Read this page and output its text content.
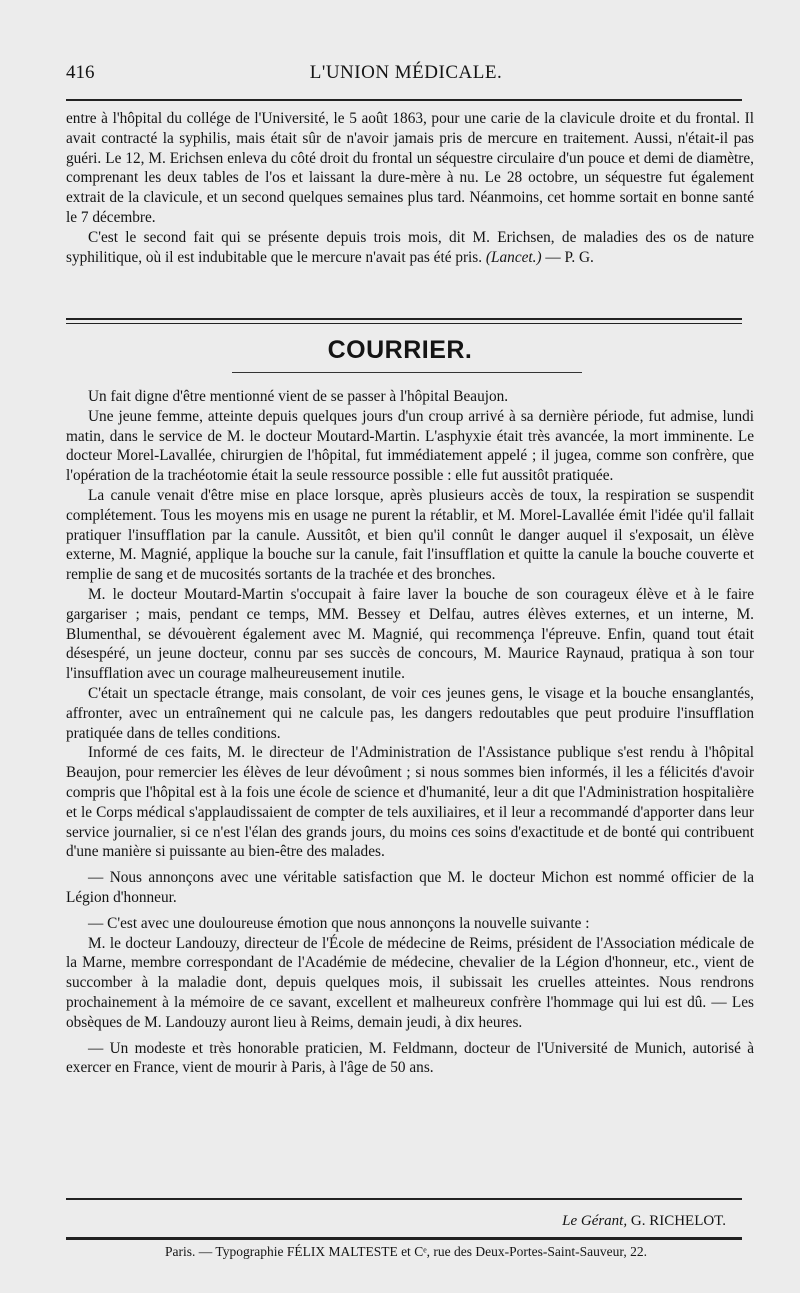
416	L'UNION MÉDICALE.

entre à l'hôpital du collége de l'Université, le 5 août 1863, pour une carie de la clavicule droite et du frontal. Il avait contracté la syphilis, mais était sûr de n'avoir jamais pris de mercure en traitement. Aussi, n'était-il pas guéri. Le 12, M. Erichsen enleva du côté droit du frontal un séquestre circulaire d'un pouce et demi de diamètre, comprenant les deux tables de l'os et laissant la dure-mère à nu. Le 28 octobre, un séquestre fut également extrait de la clavicule, et un second quelques semaines plus tard. Néanmoins, cet homme sortait en bonne santé le 7 décembre.

C'est le second fait qui se présente depuis trois mois, dit M. Erichsen, de maladies des os de nature syphilitique, où il est indubitable que le mercure n'avait pas été pris. (Lancet.) — P. G.

COURRIER.

Un fait digne d'être mentionné vient de se passer à l'hôpital Beaujon.

Une jeune femme, atteinte depuis quelques jours d'un croup arrivé à sa dernière période, fut admise, lundi matin, dans le service de M. le docteur Moutard-Martin. L'asphyxie était très avancée, la mort imminente. Le docteur Morel-Lavallée, chirurgien de l'hôpital, fut immédiatement appelé ; il jugea, comme son confrère, que l'opération de la trachéotomie était la seule ressource possible : elle fut aussitôt pratiquée.

La canule venait d'être mise en place lorsque, après plusieurs accès de toux, la respiration se suspendit complétement. Tous les moyens mis en usage ne purent la rétablir, et M. Morel-Lavallée émit l'idée qu'il fallait pratiquer l'insufflation par la canule. Aussitôt, et bien qu'il connût le danger auquel il s'exposait, un élève externe, M. Magnié, applique la bouche sur la canule, fait l'insufflation et quitte la canule la bouche couverte et remplie de sang et de mucosités sortants de la trachée et des bronches.

M. le docteur Moutard-Martin s'occupait à faire laver la bouche de son courageux élève et à le faire gargariser ; mais, pendant ce temps, MM. Bessey et Delfau, autres élèves externes, et un interne, M. Blumenthal, se dévouèrent également avec M. Magnié, qui recommença l'épreuve. Enfin, quand tout était désespéré, un jeune docteur, connu par ses succès de concours, M. Maurice Raynaud, pratiqua à son tour l'insufflation avec un courage malheureusement inutile.

C'était un spectacle étrange, mais consolant, de voir ces jeunes gens, le visage et la bouche ensanglantés, affronter, avec un entraînement qui ne calcule pas, les dangers redoutables que peut produire l'insufflation pratiquée dans de telles conditions.

Informé de ces faits, M. le directeur de l'Administration de l'Assistance publique s'est rendu à l'hôpital Beaujon, pour remercier les élèves de leur dévoûment ; si nous sommes bien informés, il les a félicités d'avoir compris que l'hôpital est à la fois une école de science et d'humanité, leur a dit que l'Administration hospitalière et le Corps médical s'applaudissaient de compter de tels auxiliaires, et il leur a recommandé d'apporter dans leur service journalier, si ce n'est l'élan des grands jours, du moins ces soins d'exactitude et de bonté qui contribuent d'une manière si puissante au bien-être des malades.

— Nous annonçons avec une véritable satisfaction que M. le docteur Michon est nommé officier de la Légion d'honneur.

— C'est avec une douloureuse émotion que nous annonçons la nouvelle suivante :

M. le docteur Landouzy, directeur de l'École de médecine de Reims, président de l'Association médicale de la Marne, membre correspondant de l'Académie de médecine, chevalier de la Légion d'honneur, etc., vient de succomber à la maladie dont, depuis quelques mois, il subissait les cruelles atteintes. Nous rendrons prochainement à la mémoire de ce savant, excellent et malheureux confrère l'hommage qui lui est dû. — Les obsèques de M. Landouzy auront lieu à Reims, demain jeudi, à dix heures.

— Un modeste et très honorable praticien, M. Feldmann, docteur de l'Université de Munich, autorisé à exercer en France, vient de mourir à Paris, à l'âge de 50 ans.

Le Gérant, G. RICHELOT.
Paris. — Typographie FÉLIX MALTESTE et Cᵉ, rue des Deux-Portes-Saint-Sauveur, 22.
